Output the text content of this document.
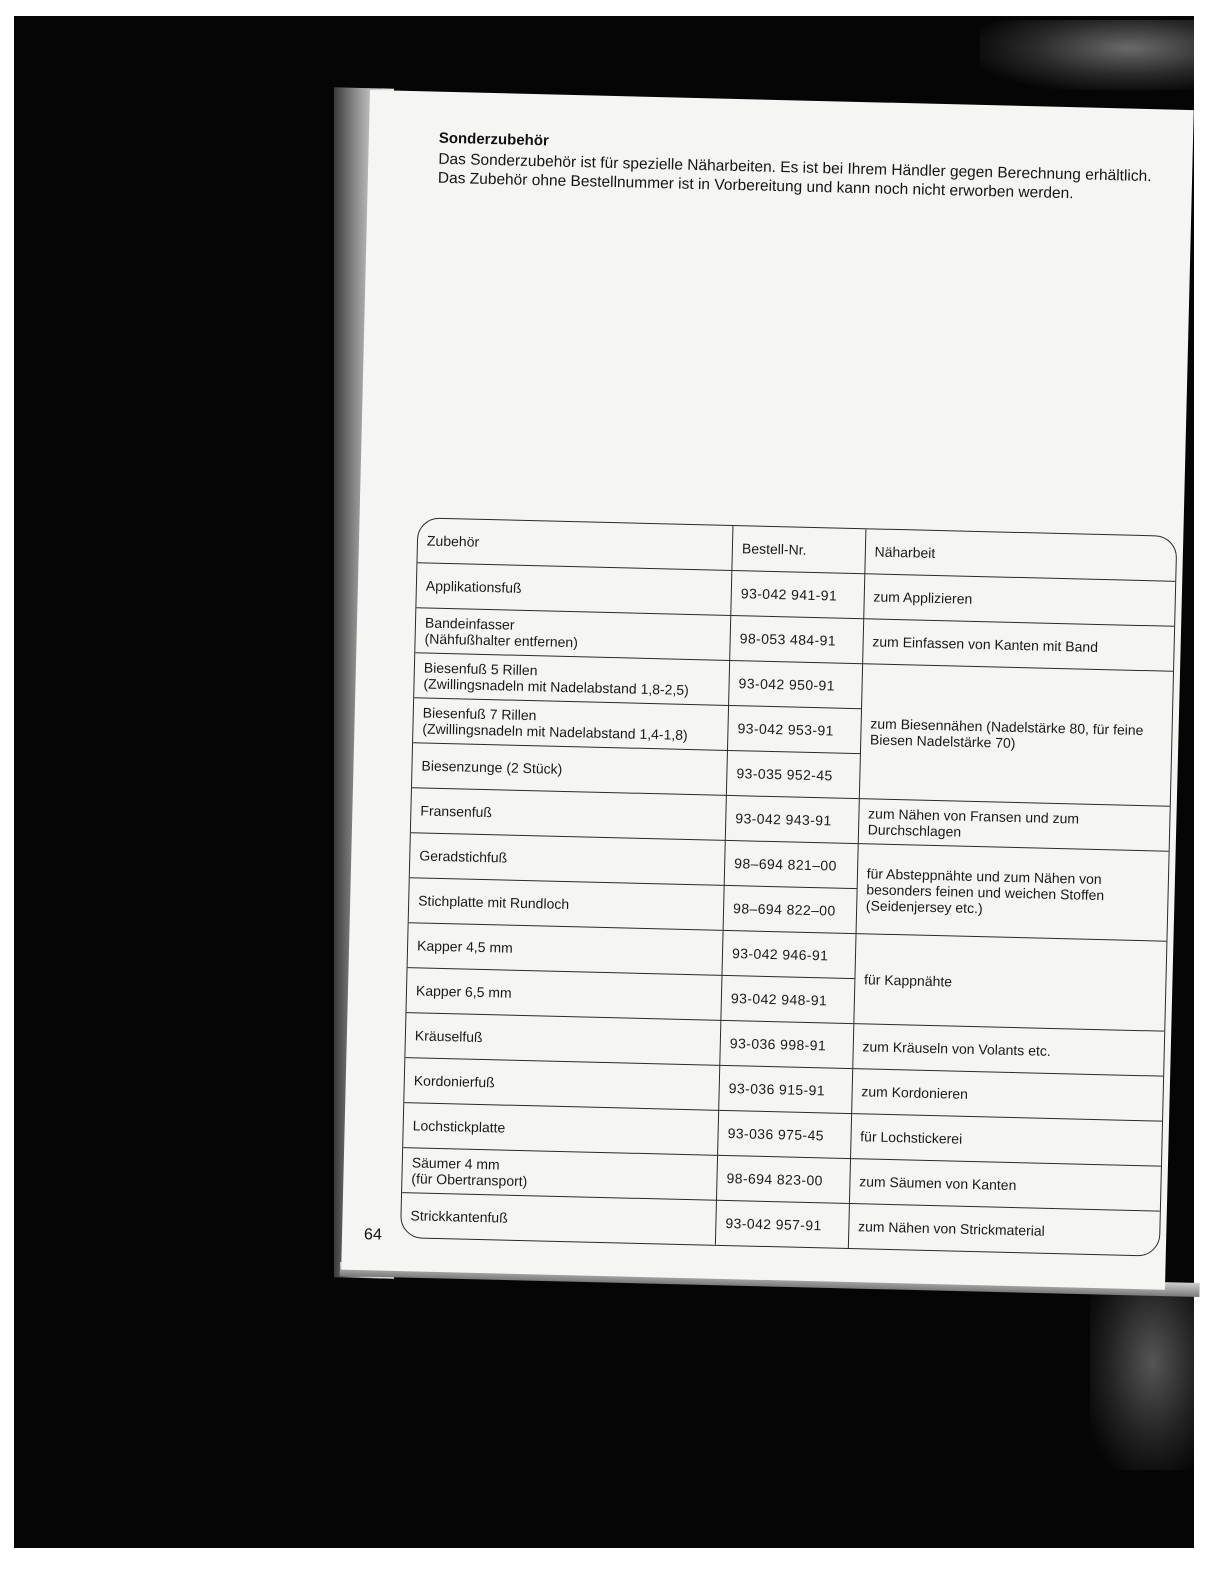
Sonderzubehör

Das Sonderzubehör ist für spezielle Näharbeiten. Es ist bei Ihrem Händler gegen Berechnung erhältlich. Das Zubehör ohne Bestellnummer ist in Vorbereitung und kann noch nicht erworben werden.

Zubehör	Bestell-Nr.	Näharbeit

Applikationsfuß	93-042 941-91	zum Applizieren

Bandeinfasser
(Nähfußhalter entfernen)	98-053 484-91	zum Einfassen von Kanten mit Band

Biesenfuß 5 Rillen
(Zwillingsnadeln mit Nadelabstand 1,8-2,5)	93-042 950-91	zum Biesennähen (Nadelstärke 80, für feine Biesen Nadelstärke 70)

Biesenfuß 7 Rillen
(Zwillingsnadeln mit Nadelabstand 1,4-1,8)	93-042 953-91	

Biesenzunge (2 Stück)	93-035 952-45	

Fransenfuß	93-042 943-91	zum Nähen von Fransen und zum Durchschlagen

Geradstichfuß	98–694 821–00	für Absteppnähte und zum Nähen von besonders feinen und weichen Stoffen (Seidenjersey etc.)

Stichplatte mit Rundloch	98–694 822–00	

Kapper 4,5 mm	93-042 946-91	für Kappnähte

Kapper 6,5 mm	93-042 948-91	

Kräuselfuß	93-036 998-91	zum Kräuseln von Volants etc.

Kordonierfuß	93-036 915-91	zum Kordonieren

Lochstickplatte	93-036 975-45	für Lochstickerei

Säumer 4 mm
(für Obertransport)	98-694 823-00	zum Säumen von Kanten

Strickkantenfuß	93-042 957-91	zum Nähen von Strickmaterial

64
